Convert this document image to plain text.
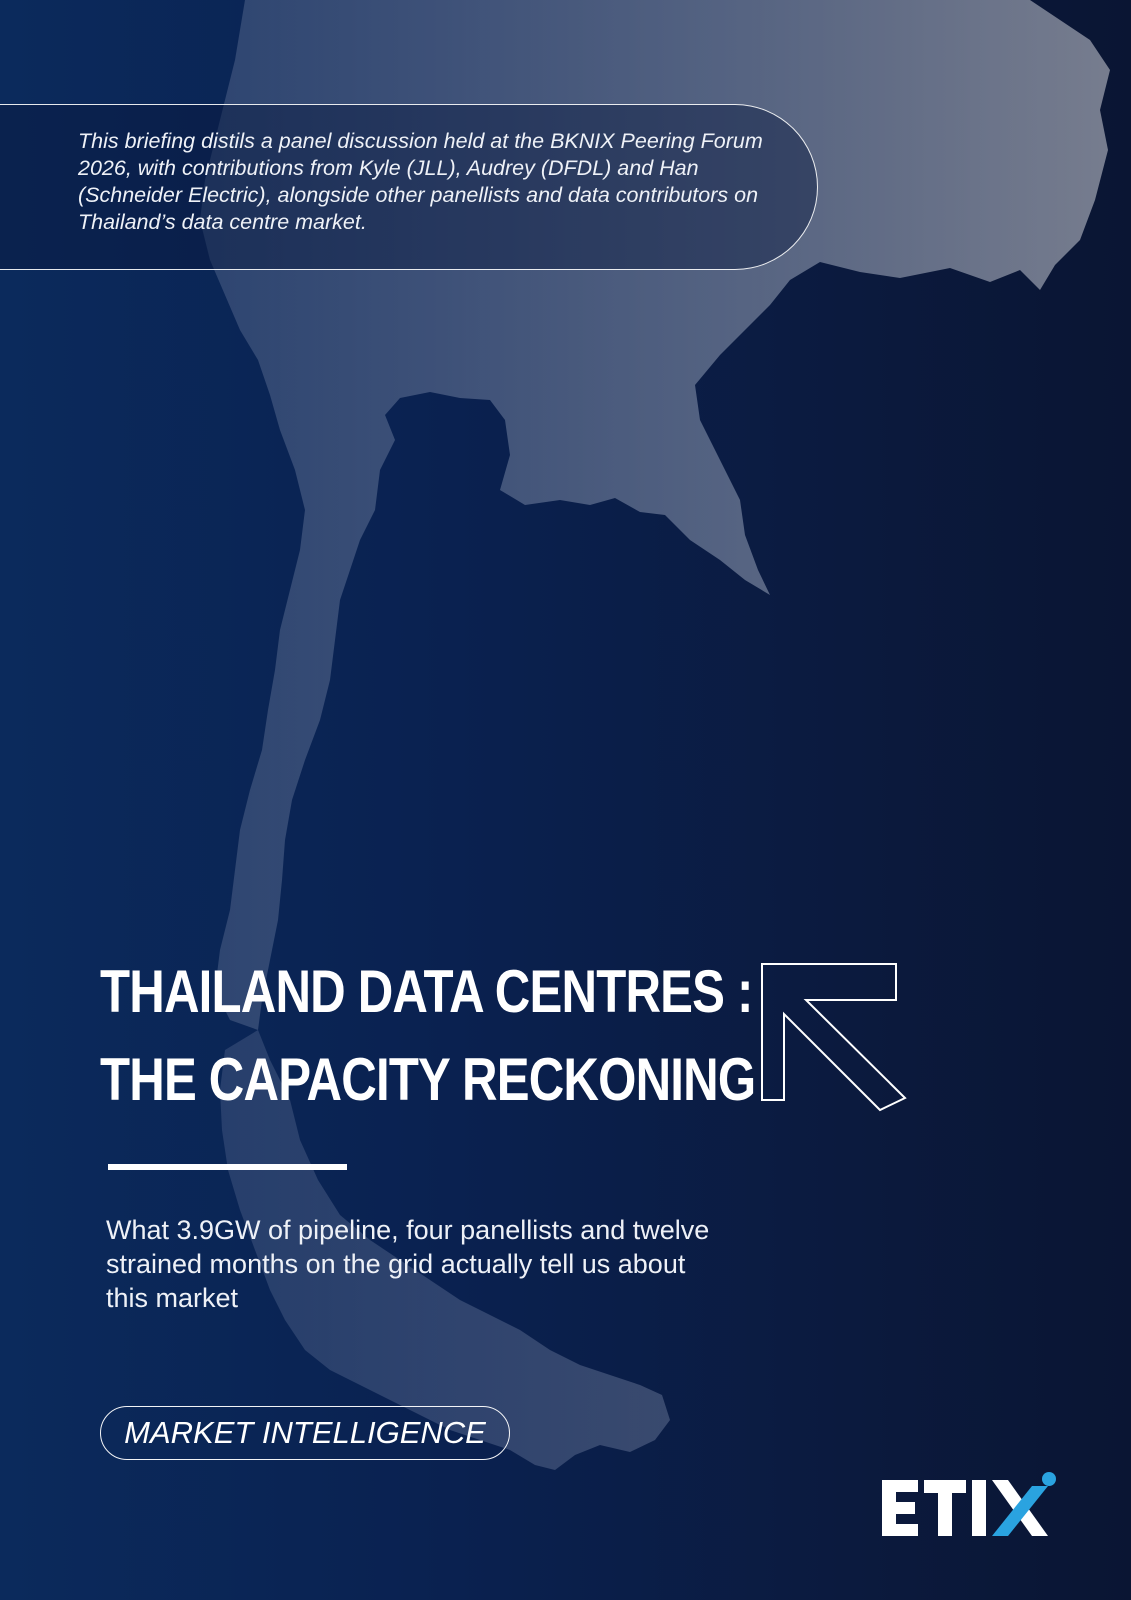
This briefing distils a panel discussion held at the BKNIX Peering Forum 2026, with contributions from Kyle (JLL), Audrey (DFDL) and Han (Schneider Electric), alongside other panellists and data contributors on Thailand’s data centre market.

THAILAND DATA CENTRES :
THE CAPACITY RECKONING

What 3.9GW of pipeline, four panellists and twelve strained months on the grid actually tell us about this market

MARKET INTELLIGENCE
